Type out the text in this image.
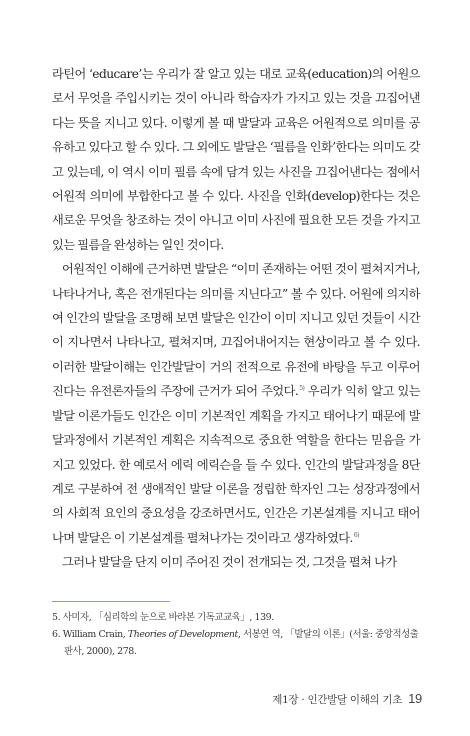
라틴어 ‘educare’는 우리가 잘 알고 있는 대로 교육(education)의 어원으로서 무엇을 주입시키는 것이 아니라 학습자가 가지고 있는 것을 끄집어낸다는 뜻을 지니고 있다. 이렇게 볼 때 발달과 교육은 어원적으로 의미를 공유하고 있다고 할 수 있다. 그 외에도 발달은 ‘필름을 인화’한다는 의미도 갖고 있는데, 이 역시 이미 필름 속에 담겨 있는 사진을 끄집어낸다는 점에서 어원적 의미에 부합한다고 볼 수 있다. 사진을 인화(develop)한다는 것은 새로운 무엇을 창조하는 것이 아니고 이미 사진에 필요한 모든 것을 가지고 있는 필름을 완성하는 일인 것이다.

어원적인 이해에 근거하면 발달은 “이미 존재하는 어떤 것이 펼쳐지거나, 나타나거나, 혹은 전개된다는 의미를 지닌다고” 볼 수 있다. 어원에 의지하여 인간의 발달을 조명해 보면 발달은 인간이 이미 지니고 있던 것들이 시간이 지나면서 나타나고, 펼쳐지며, 끄집어내어지는 현상이라고 볼 수 있다. 이러한 발달이해는 인간발달이 거의 전적으로 유전에 바탕을 두고 이루어진다는 유전론자들의 주장에 근거가 되어 주었다.$^{5)}$ 우리가 익히 알고 있는 발달 이론가들도 인간은 이미 기본적인 계획을 가지고 태어나기 때문에 발달과정에서 기본적인 계획은 지속적으로 중요한 역할을 한다는 믿음을 가지고 있었다. 한 예로서 에릭 에릭슨을 들 수 있다. 인간의 발달과정을 8단계로 구분하여 전 생애적인 발달 이론을 정립한 학자인 그는 성장과정에서의 사회적 요인의 중요성을 강조하면서도, 인간은 기본설계를 지니고 태어나며 발달은 이 기본설계를 펼쳐나가는 것이라고 생각하였다.$^{6)}$

그러나 발달을 단지 이미 주어진 것이 전개되는 것, 그것을 펼쳐 나가

5. 사미자, 「심리학의 눈으로 바라본 기독교교육」, 139.

6. William Crain, Theories of Development, 서봉연 역, 「발달의 이론」(서울: 중앙적성출판사, 2000), 278.

제1장 · 인간발달 이해의 기초 19
